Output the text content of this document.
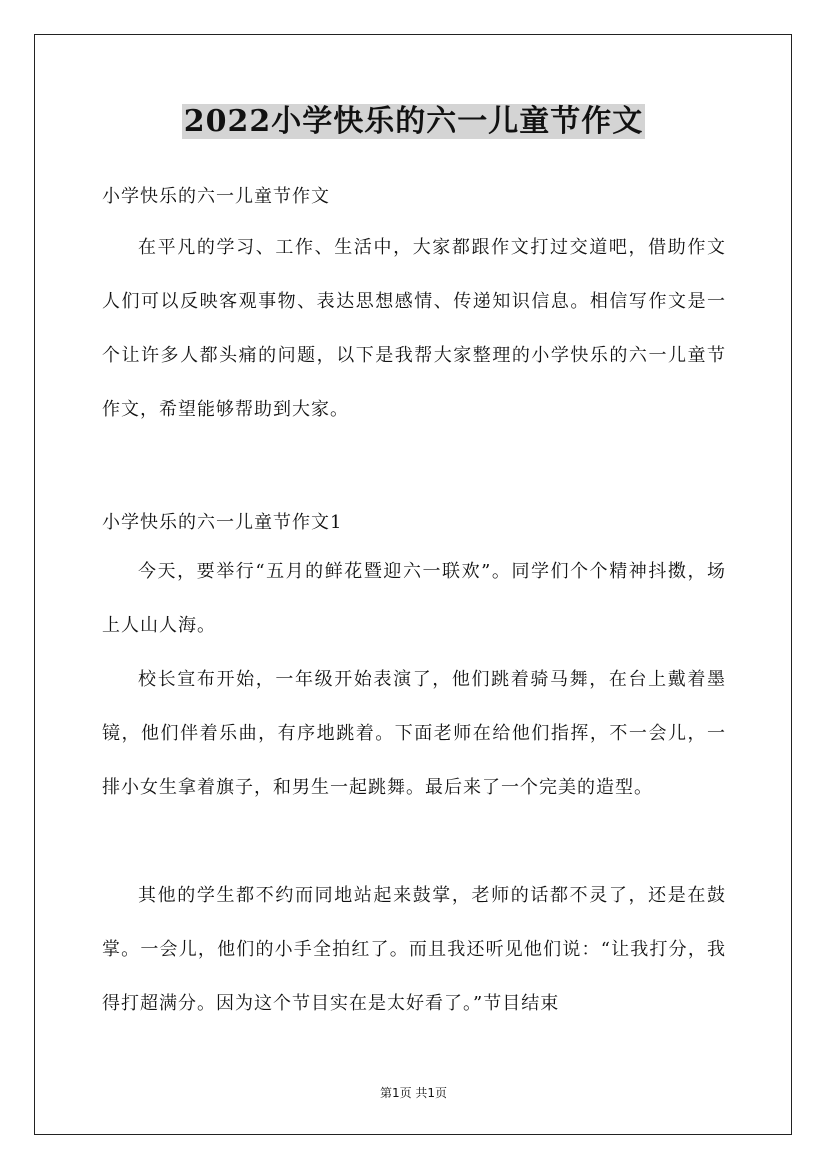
2022小学快乐的六一儿童节作文
小学快乐的六一儿童节作文
在平凡的学习、工作、生活中，大家都跟作文打过交道吧，借助作文人们可以反映客观事物、表达思想感情、传递知识信息。相信写作文是一个让许多人都头痛的问题，以下是我帮大家整理的小学快乐的六一儿童节作文，希望能够帮助到大家。
小学快乐的六一儿童节作文1
今天，要举行“五月的鲜花暨迎六一联欢”。同学们个个精神抖擞，场上人山人海。
校长宣布开始，一年级开始表演了，他们跳着骑马舞，在台上戴着墨镜，他们伴着乐曲，有序地跳着。下面老师在给他们指挥，不一会儿，一排小女生拿着旗子，和男生一起跳舞。最后来了一个完美的造型。
其他的学生都不约而同地站起来鼓掌，老师的话都不灵了，还是在鼓掌。一会儿，他们的小手全拍红了。而且我还听见他们说：“让我打分，我得打超满分。因为这个节目实在是太好看了。”节目结束
第1页 共1页
